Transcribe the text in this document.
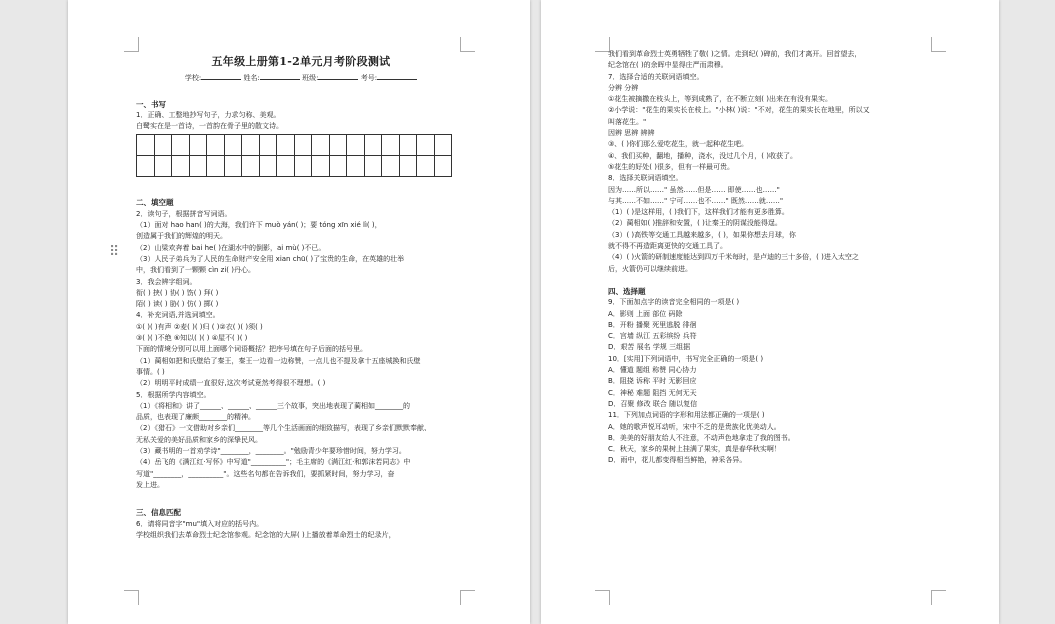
五年级上册第1-2单元月考阶段测试
学校:	姓名:	班级:	考号:
一、书写
1．正确、工整地抄写句子，力求匀称、美观。
白鹭实在是一首诗，一首韵在骨子里的散文诗。
二、填空题
2．读句子，根据拼音写词语。
（1）面对 hao han( )的大海，我们许下 muò yán( )；要 tóng xīn xié lì( )，
创造属于我们的辉煌的明天。
（2）山梁欢奔着 bai he( )在湖水中的倒影，ai mù( )不已。
（3）人民子弟兵为了人民的生命财产安全用 xian chū( )了宝贵的生命，在英雄的壮举
中，我们看到了一颗颗 cìn zi( )丹心。
3．我会辨字组词。
衔( ) 挟( ) 协( ) 饬( ) 拜( )
陌( ) 读( ) 胁( ) 仿( ) 掷( )
4．补充词语,并选词填空。
①( )( )有声 ②麦( )( )归 ( )②衣( )( )须( )
③( )( )不绝 ⑥知以( )( ) ④屋不( )( )
下面的情境分别可以用上面哪个词语概括？把序号填在句子后面的括号里。
（1）蔺相如把和氏壁给了秦王，秦王一边看一边称赞，一点儿也不提及拿十五座城换和氏壁
事情。( )
（2）明明平时成绩一直很好,这次考试竟然考得很不理想。( )
5．根据所学内容填空。
（1）《将相和》讲了______、______、______三个故事，突出地表现了蔺相如________的
品质，也表现了廉颇________的精神。
（2）《猎石》一文借助对乡亲们________等几个生活画面的细致描写，表现了乡亲们默默奉献、
无私关爱的美好品质和家乡的深挚民风。
（3）藏书明的一首劝学诗"________，________。"勉励青少年要珍惜时间，努力学习。
（4）岳飞的《满江红·写怀》中写道"__________"；毛主席的《满江红·和郭沫若同志》中
写道"________，__________"。这些名句都在告诉我们，要抓紧时间，努力学习，奋
发上进。
三、信息匹配
6．请将同音字"mu"填入对应的括号内。
学校组织我们去革命烈士纪念馆参观。纪念馆的大屏( )上播放着革命烈士的纪录片，
⠿
我们看到革命烈士英勇牺牲了敬( )之情。走到纪( )碑前，我们才离开。回首望去，
纪念馆在( )的余晖中显得庄严而肃穆。
7．选择合适的关联词语填空。
分辨 分辨
①花生被摘撒在枝头上，等到成熟了，在不断立刻( )出来在有没有果实。
②小学说："花生的果实长在枝上。"小林( )说："不对，花生的果实长在地里，所以又
叫落花生。"
因辨 思辨 辨辨
③、( )你们那么爱吃花生，就一起种花生吧。
④、我们买种，翻地，播种，浇水，没过几个月，( )收获了。
⑤花生的好处( )很多，但有一样最可贵。
8．选择关联词语填空。
因为……所以……" 虽然……但是…… 即使……也……"
与其……不如……" 宁可……也不……" 既然……就……"
（1）( )是这样用，( )我们下，这样我们才能有更多胜算。
（2）蔺相如( )推辞和安置，( )让秦王的阴谋没能得逞。
（3）( )高铁等交通工具越来越多，( )，如果你想去月球，你
就不得不再造距离更快的交通工具了。
（4）( )火箭的研制速度能达到四万千米每时，是卢迪的三十多倍，( )进入太空之
后，火箭仍可以继续前进。
四、选择题
9．下面加点字的读音完全相同的一项是( )
A．影则 上面 部位 码除
B．开粉 播聚 死里逃脱 徘徊
C．宫墙 纵江 五彩缤纷 兵符
D．艰苦 展名 学规 三组据
10．[实用]下列词语中，书写完全正确的一项是( )
A．懂道 题组 称赞 同心协力
B．阻挠 诉称 平时 无影回应
C．神秘 难题 阻挡 无何无天
D．召聚 修改 联合 随以复信
11．下列加点词语的字形和用法都正确的一项是( )
A．她的歌声悦耳动听，宋中不乏的是贵族化优美动人。
B．美美的好朋友给人不注意，不动声色地拿走了我的图书。
C．秋天，家乡的果树上挂满了果实，真是春华秋实啊！
D．雨中，花儿都变得相当鲜艳，神采各异。
